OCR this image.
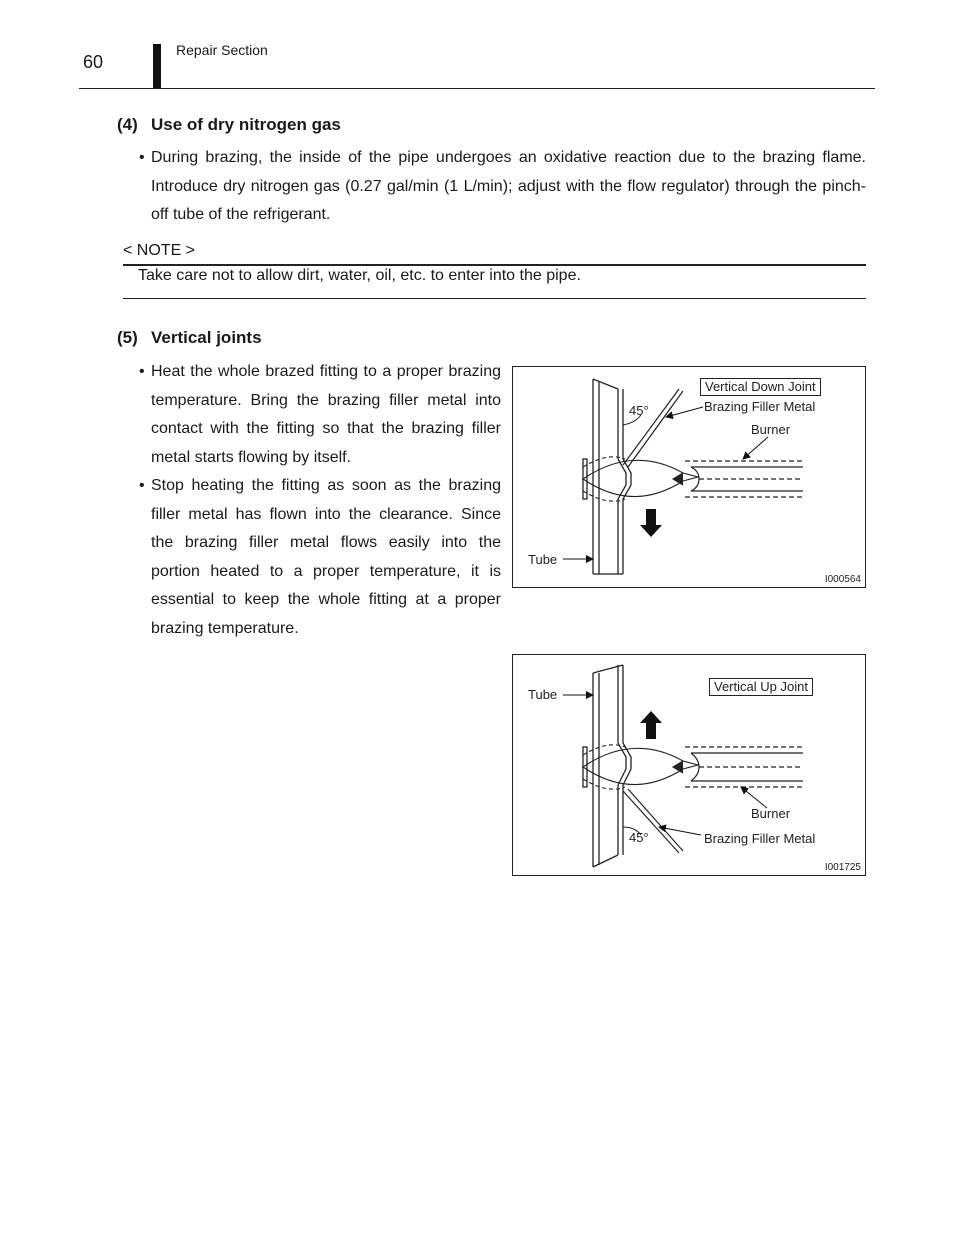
60
Repair Section
(4) Use of dry nitrogen gas
• During brazing, the inside of the pipe undergoes an oxidative reaction due to the brazing flame. Introduce dry nitrogen gas (0.27 gal/min (1 L/min); adjust with the flow regulator) through the pinch-off tube of the refrigerant.
< NOTE >
Take care not to allow dirt, water, oil, etc. to enter into the pipe.
(5) Vertical joints
• Heat the whole brazed fitting to a proper brazing temperature. Bring the brazing filler metal into contact with the fitting so that the brazing filler metal starts flowing by itself.
• Stop heating the fitting as soon as the brazing filler metal has flown into the clearance. Since the brazing filler metal flows easily into the portion heated to a proper temperature, it is essential to keep the whole fitting at a proper brazing temperature.
Vertical Down Joint
Brazing Filler Metal
Burner
45°
Tube
I000564
Vertical Up Joint
Tube
Burner
45°	Brazing Filler Metal
I001725
